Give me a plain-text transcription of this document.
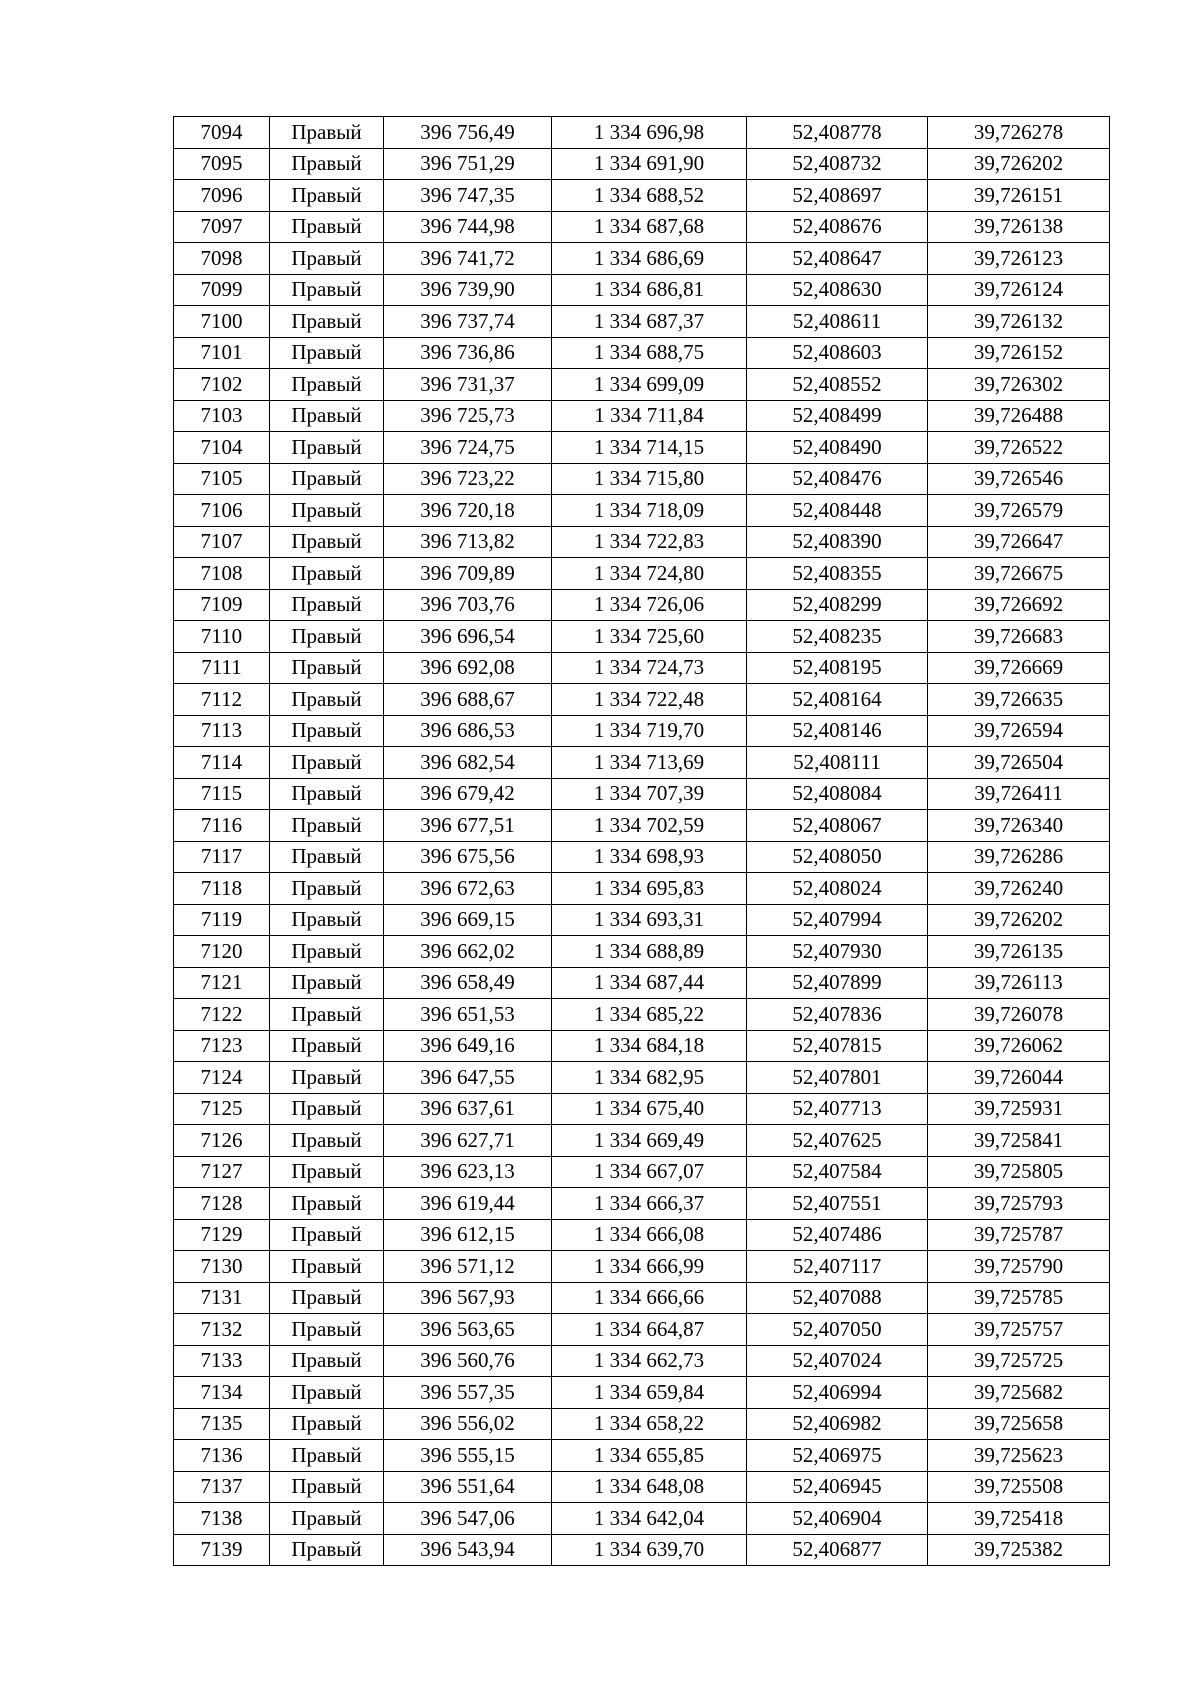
7094	Правый	396 756,49	1 334 696,98	52,408778	39,726278
7095	Правый	396 751,29	1 334 691,90	52,408732	39,726202
7096	Правый	396 747,35	1 334 688,52	52,408697	39,726151
7097	Правый	396 744,98	1 334 687,68	52,408676	39,726138
7098	Правый	396 741,72	1 334 686,69	52,408647	39,726123
7099	Правый	396 739,90	1 334 686,81	52,408630	39,726124
7100	Правый	396 737,74	1 334 687,37	52,408611	39,726132
7101	Правый	396 736,86	1 334 688,75	52,408603	39,726152
7102	Правый	396 731,37	1 334 699,09	52,408552	39,726302
7103	Правый	396 725,73	1 334 711,84	52,408499	39,726488
7104	Правый	396 724,75	1 334 714,15	52,408490	39,726522
7105	Правый	396 723,22	1 334 715,80	52,408476	39,726546
7106	Правый	396 720,18	1 334 718,09	52,408448	39,726579
7107	Правый	396 713,82	1 334 722,83	52,408390	39,726647
7108	Правый	396 709,89	1 334 724,80	52,408355	39,726675
7109	Правый	396 703,76	1 334 726,06	52,408299	39,726692
7110	Правый	396 696,54	1 334 725,60	52,408235	39,726683
7111	Правый	396 692,08	1 334 724,73	52,408195	39,726669
7112	Правый	396 688,67	1 334 722,48	52,408164	39,726635
7113	Правый	396 686,53	1 334 719,70	52,408146	39,726594
7114	Правый	396 682,54	1 334 713,69	52,408111	39,726504
7115	Правый	396 679,42	1 334 707,39	52,408084	39,726411
7116	Правый	396 677,51	1 334 702,59	52,408067	39,726340
7117	Правый	396 675,56	1 334 698,93	52,408050	39,726286
7118	Правый	396 672,63	1 334 695,83	52,408024	39,726240
7119	Правый	396 669,15	1 334 693,31	52,407994	39,726202
7120	Правый	396 662,02	1 334 688,89	52,407930	39,726135
7121	Правый	396 658,49	1 334 687,44	52,407899	39,726113
7122	Правый	396 651,53	1 334 685,22	52,407836	39,726078
7123	Правый	396 649,16	1 334 684,18	52,407815	39,726062
7124	Правый	396 647,55	1 334 682,95	52,407801	39,726044
7125	Правый	396 637,61	1 334 675,40	52,407713	39,725931
7126	Правый	396 627,71	1 334 669,49	52,407625	39,725841
7127	Правый	396 623,13	1 334 667,07	52,407584	39,725805
7128	Правый	396 619,44	1 334 666,37	52,407551	39,725793
7129	Правый	396 612,15	1 334 666,08	52,407486	39,725787
7130	Правый	396 571,12	1 334 666,99	52,407117	39,725790
7131	Правый	396 567,93	1 334 666,66	52,407088	39,725785
7132	Правый	396 563,65	1 334 664,87	52,407050	39,725757
7133	Правый	396 560,76	1 334 662,73	52,407024	39,725725
7134	Правый	396 557,35	1 334 659,84	52,406994	39,725682
7135	Правый	396 556,02	1 334 658,22	52,406982	39,725658
7136	Правый	396 555,15	1 334 655,85	52,406975	39,725623
7137	Правый	396 551,64	1 334 648,08	52,406945	39,725508
7138	Правый	396 547,06	1 334 642,04	52,406904	39,725418
7139	Правый	396 543,94	1 334 639,70	52,406877	39,725382
